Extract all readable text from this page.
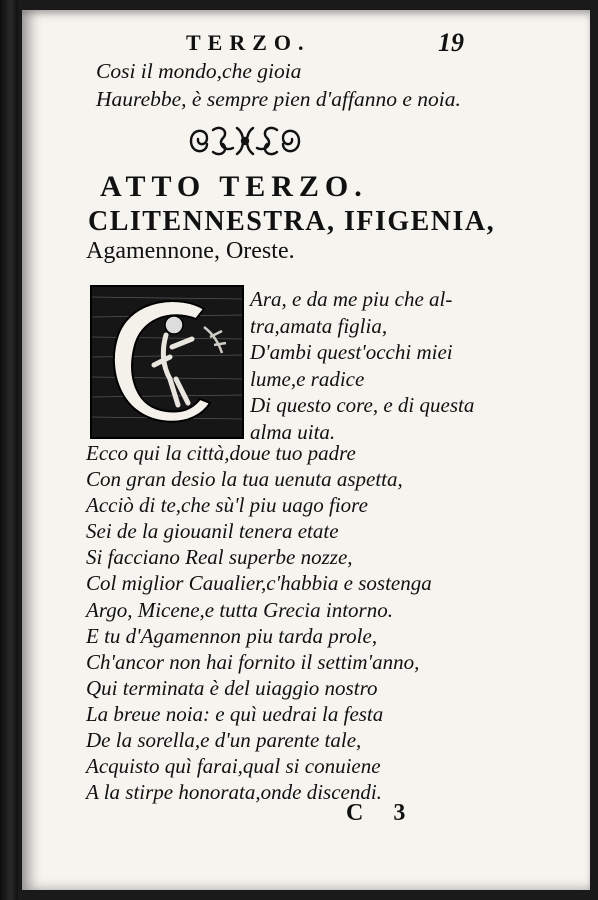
TERZO.	19
Cosi il mondo,che gioia
Haurebbe, è sempre pien d'affanno e noia.
ATTO TERZO.
CLITENNESTRA, IFIGENIA,
Agamennone, Oreste.
Ara, e da me piu che al-
tra,amata figlia,
D'ambi quest'occhi miei
lume,e radice
Di questo core, e di questa
alma uita.
Ecco qui la città,doue tuo padre
Con gran desio la tua uenuta aspetta,
Acciò di te,che sù'l piu uago fiore
Sei de la giouanil tenera etate
Si facciano Real superbe nozze,
Col miglior Caualier,c'habbia e sostenga
Argo, Micene,e tutta Grecia intorno.
E tu d'Agamennon piu tarda prole,
Ch'ancor non hai fornito il settim'anno,
Qui terminata è del uiaggio nostro
La breue noia: e quì uedrai la festa
De la sorella,e d'un parente tale,
Acquisto quì farai,qual si conuiene
A la stirpe honorata,onde discendi.
C 3
